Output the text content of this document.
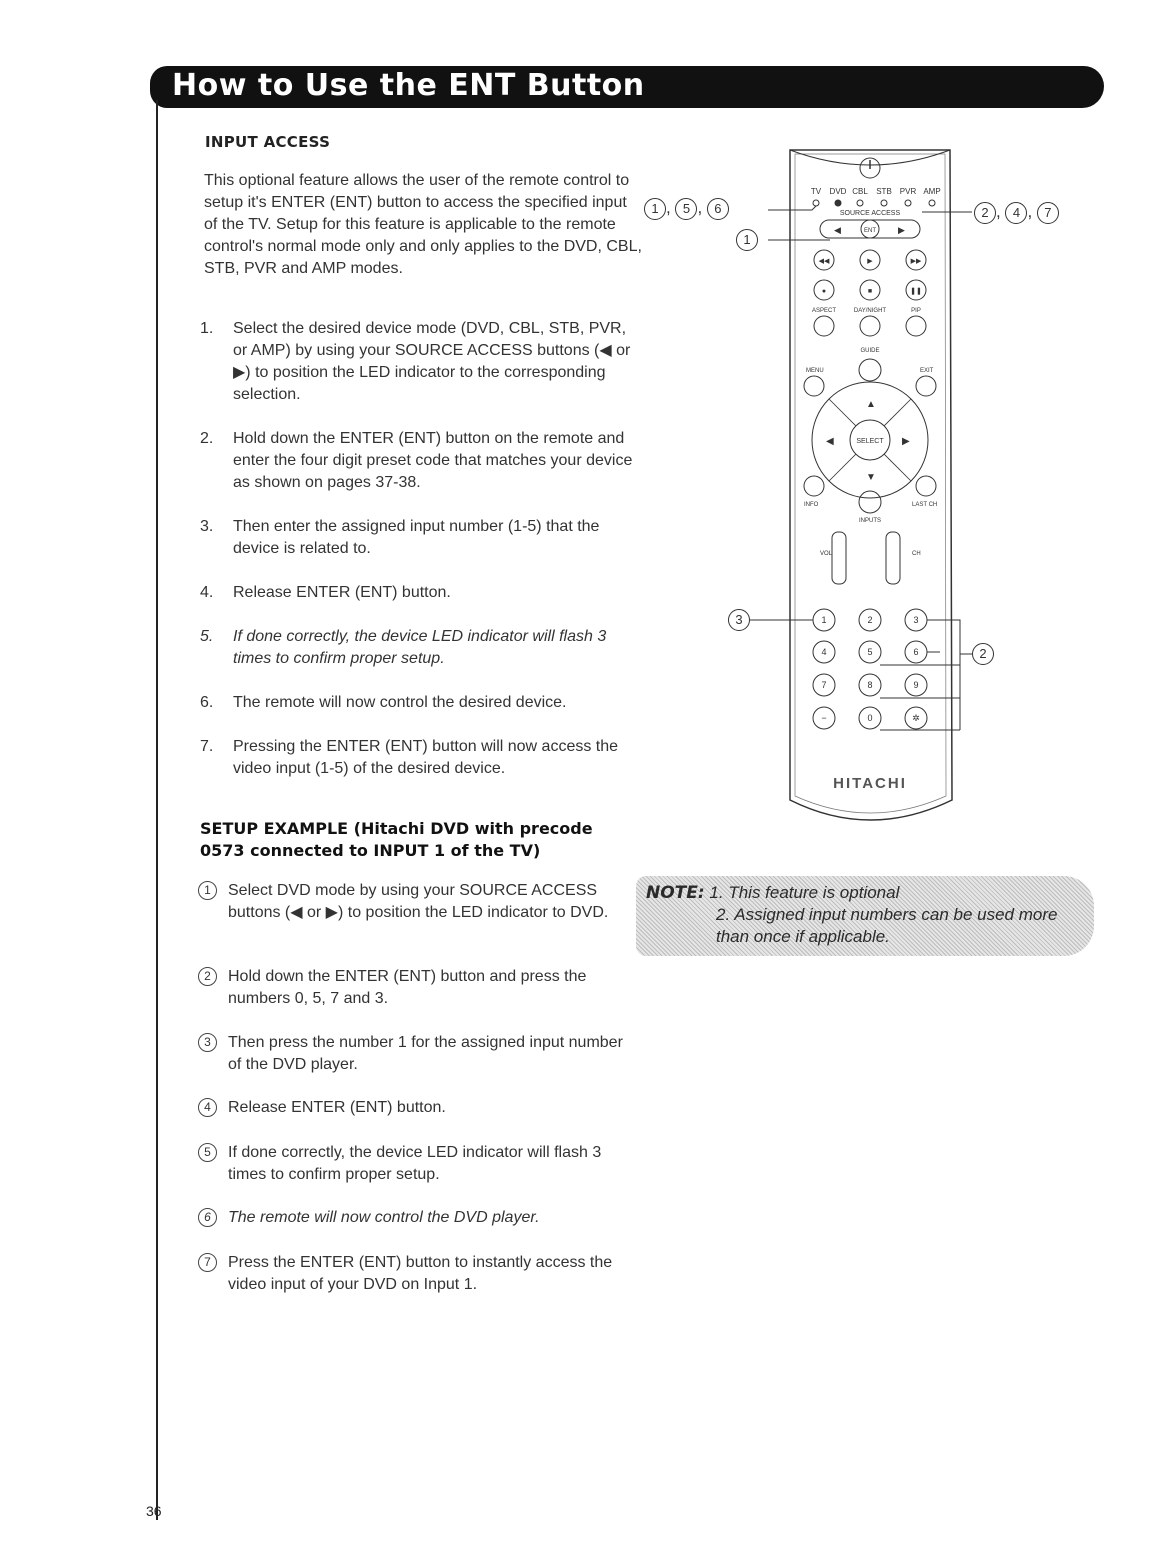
How to Use the ENT Button
INPUT ACCESS
This optional feature allows the user of the remote control to setup it's ENTER (ENT) button to access the specified input of the TV. Setup for this feature is applicable to the remote control's normal mode only and only applies to the DVD, CBL, STB, PVR and AMP modes.
1. Select the desired device mode (DVD, CBL, STB, PVR, or AMP) by using your SOURCE ACCESS buttons (◀ or ▶) to position the LED indicator to the corresponding selection.
2. Hold down the ENTER (ENT) button on the remote and enter the four digit preset code that matches your device as shown on pages 37-38.
3. Then enter the assigned input number (1-5) that the device is related to.
4. Release ENTER (ENT) button.
5. If done correctly, the device LED indicator will flash 3 times to confirm proper setup.
6. The remote will now control the desired device.
7. Pressing the ENTER (ENT) button will now access the video input (1-5) of the desired device.
SETUP EXAMPLE (Hitachi DVD with precode 0573 connected to INPUT 1 of the TV)
1	Select DVD mode by using your SOURCE ACCESS buttons (◀ or ▶) to position the LED indicator to DVD.
2	Hold down the ENTER (ENT) button and press the numbers 0, 5, 7 and 3.
3	Then press the number 1 for the assigned input number of the DVD player.
4	Release ENTER (ENT) button.
5	If done correctly, the device LED indicator will flash 3 times to confirm proper setup.
6	The remote will now control the DVD player.
7	Press the ENTER (ENT) button to instantly access the video input of your DVD on Input 1.
NOTE: 1. This feature is optional
2. Assigned input numbers can be used more
than once if applicable.
TV DVD CBL STB PVR AMP
SOURCE ACCESS
◀	▶
ENT
◀◀	▶	▶▶
●	■	❚❚
ASPECT	DAY/NIGHT	PIP
GUIDE
MENU	EXIT
SELECT
▲
▼
◀	▶
INFO	LAST CH
INPUTS
VOL	CH
1	2	3
4	5	6
7	8	9
−	0	✲
HITACHI
1 , 5 , 6
1
2 , 4 , 7
3
2
36
